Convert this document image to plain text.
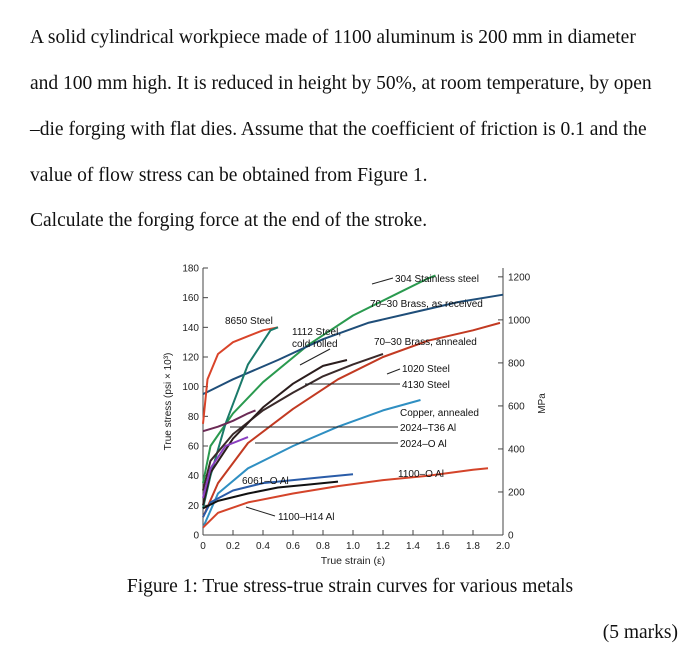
A solid cylindrical workpiece made of 1100 aluminum is 200 mm in diameter

and 100 mm high. It is reduced in height by 50%, at room temperature, by open

–die forging with flat dies. Assume that the coefficient of friction is 0.1 and the

value of flow stress can be obtained from Figure 1.

Calculate the forging force at the end of the stroke.

0
20
40
60
80
100
120
140
160
180
0 0.2 0.4 0.6 0.8 1.0 1.2 1.4 1.6 1.8 2.0
0
200
400
600
800
1000
1200
True strain (ε)
True stress (psi × 10³)	MPa
304 Stainless steel
70–30 Brass, as received
8650 Steel
1112 Steel,
cold rolled	70–30 Brass, annealed
1020 Steel
4130 Steel
Copper, annealed
2024–T36 Al
2024–O Al
1100–O Al
6061–O Al
1100–H14 Al
Figure 1: True stress-true strain curves for various metals
(5 marks)
